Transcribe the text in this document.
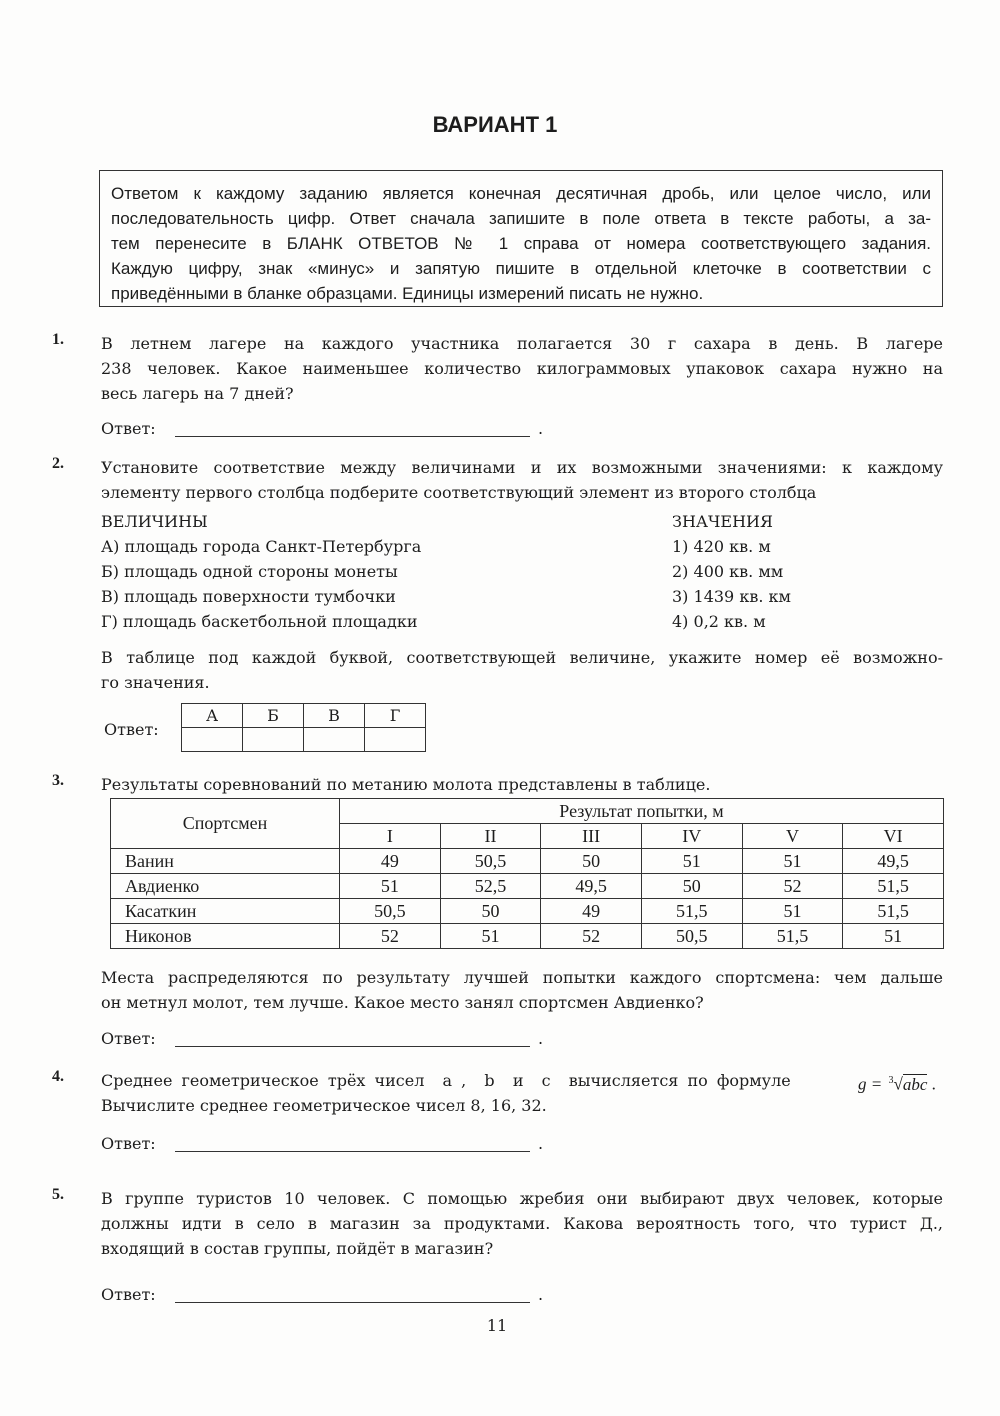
ВАРИАНТ 1
Ответом к каждому заданию является конечная десятичная дробь, или целое число, или
последовательность цифр. Ответ сначала запишите в поле ответа в тексте работы, а за-
тем перенесите в БЛАНК ОТВЕТОВ № 1 справа от номера соответствующего задания.
Каждую цифру, знак «минус» и запятую пишите в отдельной клеточке в соответствии с
приведёнными в бланке образцами. Единицы измерений писать не нужно.
1. В летнем лагере на каждого участника полагается 30 г сахара в день. В лагере
238 человек. Какое наименьшее количество килограммовых упаковок сахара нужно на
весь лагерь на 7 дней?
Ответ:	.
2. Установите соответствие между величинами и их возможными значениями: к каждому
элементу первого столбца подберите соответствующий элемент из второго столбца
ВЕЛИЧИНЫ
А) площадь города Санкт-Петербурга
Б) площадь одной стороны монеты
В) площадь поверхности тумбочки
Г) площадь баскетбольной площадки
ЗНАЧЕНИЯ
1) 420 кв. м
2) 400 кв. мм
3) 1439 кв. км
4) 0,2 кв. м
В таблице под каждой буквой, соответствующей величине, укажите номер её возможно-
го значения.
Ответ:
А	Б	В	Г

3. Результаты соревнований по метанию молота представлены в таблице.
Спортсмен	Результат попытки, м					
	I	II	III	IV	V	VI
Ванин	49	50,5	50	51	51	49,5
Авдиенко	51	52,5	49,5	50	52	51,5
Касаткин	50,5	50	49	51,5	51	51,5
Никонов	52	51	52	50,5	51,5	51
Места распределяются по результату лучшей попытки каждого спортсмена: чем дальше
он метнул молот, тем лучше. Какое место занял спортсмен Авдиенко?
Ответ:	.
4. Среднее геометрическое трёх чисел  a ,  b  и  c  вычисляется по формуле
Вычислите среднее геометрическое чисел 8, 16, 32.
g = $^3$√abc .
Ответ:	.
5. В группе туристов 10 человек. С помощью жребия они выбирают двух человек, которые
должны идти в село в магазин за продуктами. Какова вероятность того, что турист Д.,
входящий в состав группы, пойдёт в магазин?
Ответ:	.
11
